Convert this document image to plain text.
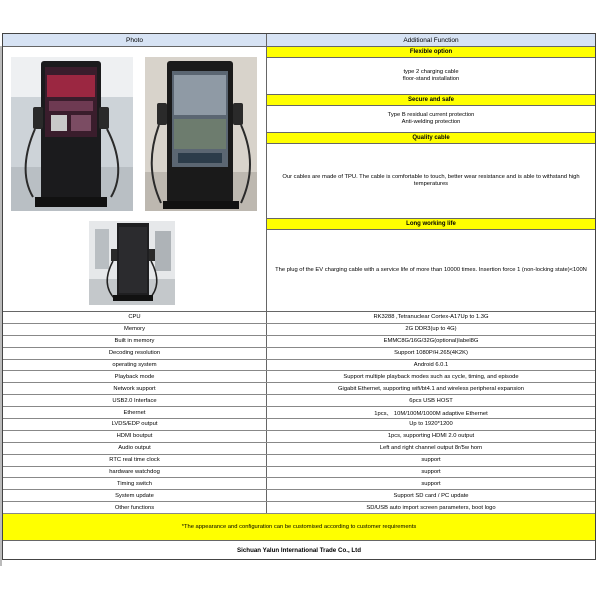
Photo	Additional Function
Flexible option
type 2 charging cable
floor-stand installation
Secure and safe
Type B residual current protection
Anti-welding protection
Quality cable
Our cables are made of TPU. The cable is comfortable to touch, better wear resistance and is able to withstand high temperatures
Long working life
The plug of the EV charging cable with a service life of more than 10000 times. Insertion force 1 (non-locking state)<100N
CPU	RK3288 ,Tetranuclear Cortex-A17Up to 1.3G
Memory	2G DDR3(up to 4G)
Built in memory	EMMC8G/16G/32G(optional)label8G
Decoding resolution	Support 1080P/H.265(4K2K)
operating system	Android 6.0.1
Playback mode	Support multiple playback modes such as cycle, timing, and episode
Network support	Gigabit Ethernet, supporting wifi/bt4.1 and wireless peripheral expansion
USB2.0 Interface	6pcs USB HOST
Ethernet	1pcs、 10M/100M/1000M adaptive Ethernet
LVDS/EDP output	Up to 1920*1200
HDMI boutput	1pcs, supporting HDMI 2.0 output
Audio output	Left and right channel output 8r/5w horn
RTC real time clock	support
hardware watchdog	support
Timing switch	support
System update	Support SD card / PC update
Other functions	SD/USB auto import screen parameters, boot logo
*The appearance and configuration can be customised according to customer requirements
Sichuan Yalun International Trade Co., Ltd
